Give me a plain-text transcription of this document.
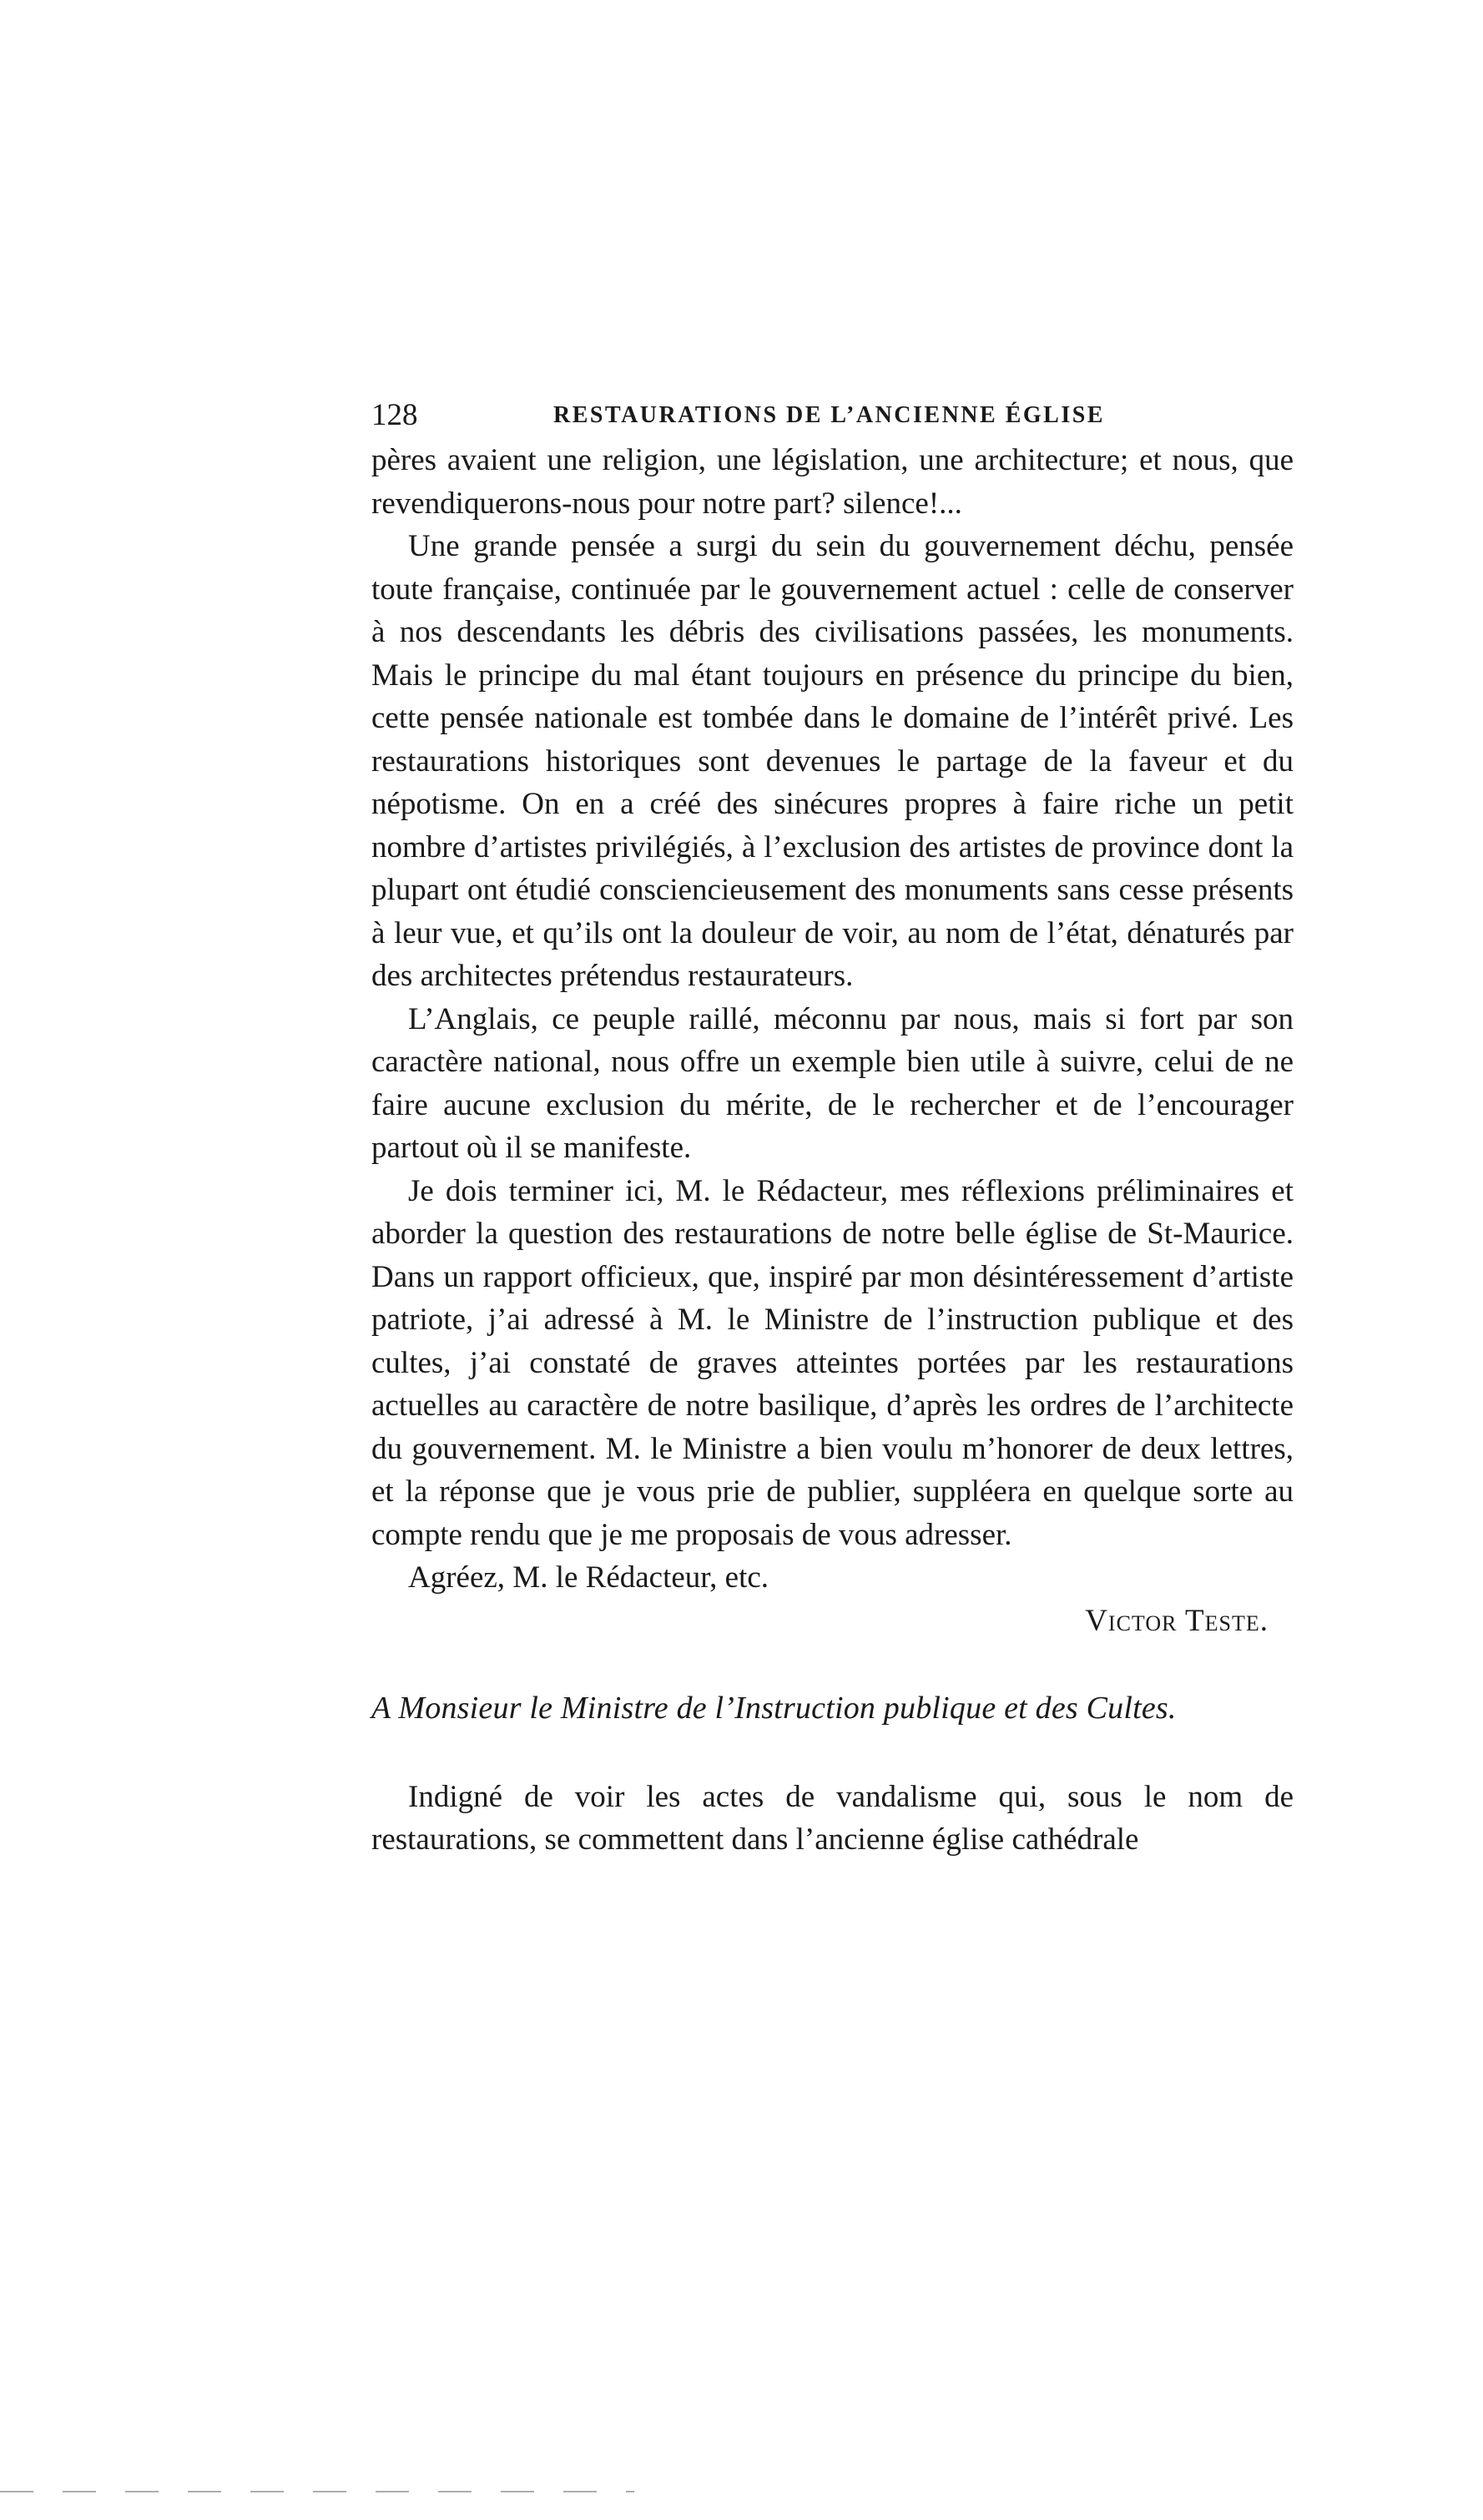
128	RESTAURATIONS DE L’ANCIENNE ÉGLISE

pères avaient une religion, une législation, une architecture; et nous, que revendiquerons-nous pour notre part? silence!...

Une grande pensée a surgi du sein du gouvernement déchu, pensée toute française, continuée par le gouvernement actuel : celle de conserver à nos descendants les débris des civilisations passées, les monuments. Mais le principe du mal étant toujours en présence du principe du bien, cette pensée nationale est tombée dans le domaine de l’intérêt privé. Les restaurations historiques sont devenues le partage de la faveur et du népotisme. On en a créé des sinécures propres à faire riche un petit nombre d’artistes privilégiés, à l’exclusion des artistes de province dont la plupart ont étudié consciencieusement des monuments sans cesse présents à leur vue, et qu’ils ont la douleur de voir, au nom de l’état, dénaturés par des architectes prétendus restaurateurs.

L’Anglais, ce peuple raillé, méconnu par nous, mais si fort par son caractère national, nous offre un exemple bien utile à suivre, celui de ne faire aucune exclusion du mérite, de le rechercher et de l’encourager partout où il se manifeste.

Je dois terminer ici, M. le Rédacteur, mes réflexions préliminaires et aborder la question des restaurations de notre belle église de St-Maurice. Dans un rapport officieux, que, inspiré par mon désintéressement d’artiste patriote, j’ai adressé à M. le Ministre de l’instruction publique et des cultes, j’ai constaté de graves atteintes portées par les restaurations actuelles au caractère de notre basilique, d’après les ordres de l’architecte du gouvernement. M. le Ministre a bien voulu m’honorer de deux lettres, et la réponse que je vous prie de publier, suppléera en quelque sorte au compte rendu que je me proposais de vous adresser.

Agréez, M. le Rédacteur, etc.

Victor Teste.

A Monsieur le Ministre de l’Instruction publique et des Cultes.

Indigné de voir les actes de vandalisme qui, sous le nom de restaurations, se commettent dans l’ancienne église cathédrale
